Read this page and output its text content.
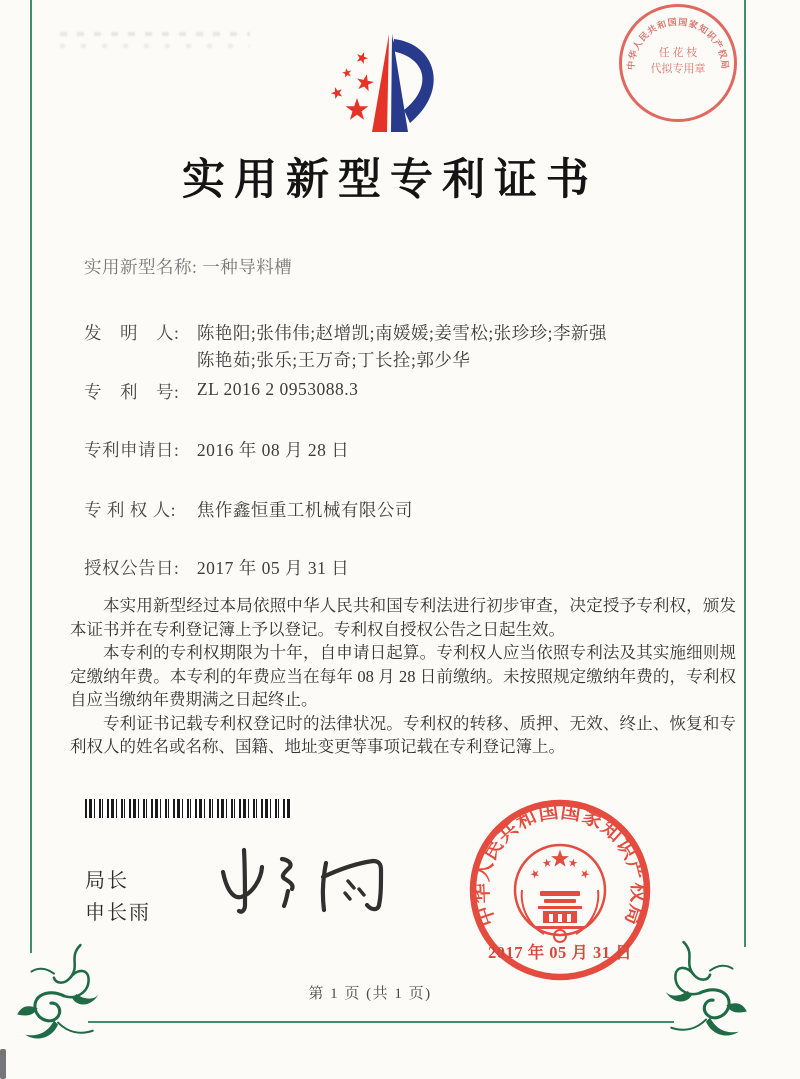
中华人民共和国国家知识产权局
任 花 枝
代拟专用章
实用新型专利证书
实用新型名称: 一种导料槽
发　明　人: 陈艳阳;张伟伟;赵增凯;南媛媛;姜雪松;张珍珍;李新强
陈艳茹;张乐;王万奇;丁长拴;郭少华
专　利　号: ZL 2016 2 0953088.3
专利申请日: 2016 年 08 月 28 日
专 利 权 人: 焦作鑫恒重工机械有限公司
授权公告日: 2017 年 05 月 31 日

本实用新型经过本局依照中华人民共和国专利法进行初步审查，决定授予专利权，颁发本证书并在专利登记簿上予以登记。专利权自授权公告之日起生效。

本专利的专利权期限为十年，自申请日起算。专利权人应当依照专利法及其实施细则规定缴纳年费。本专利的年费应当在每年 08 月 28 日前缴纳。未按照规定缴纳年费的，专利权自应当缴纳年费期满之日起终止。

专利证书记载专利权登记时的法律状况。专利权的转移、质押、无效、终止、恢复和专利权人的姓名或名称、国籍、地址变更等事项记载在专利登记簿上。

局长
申长雨	中华人民共和国国家知识产权局
2017 年 05 月 31 日
第 1 页 (共 1 页)
